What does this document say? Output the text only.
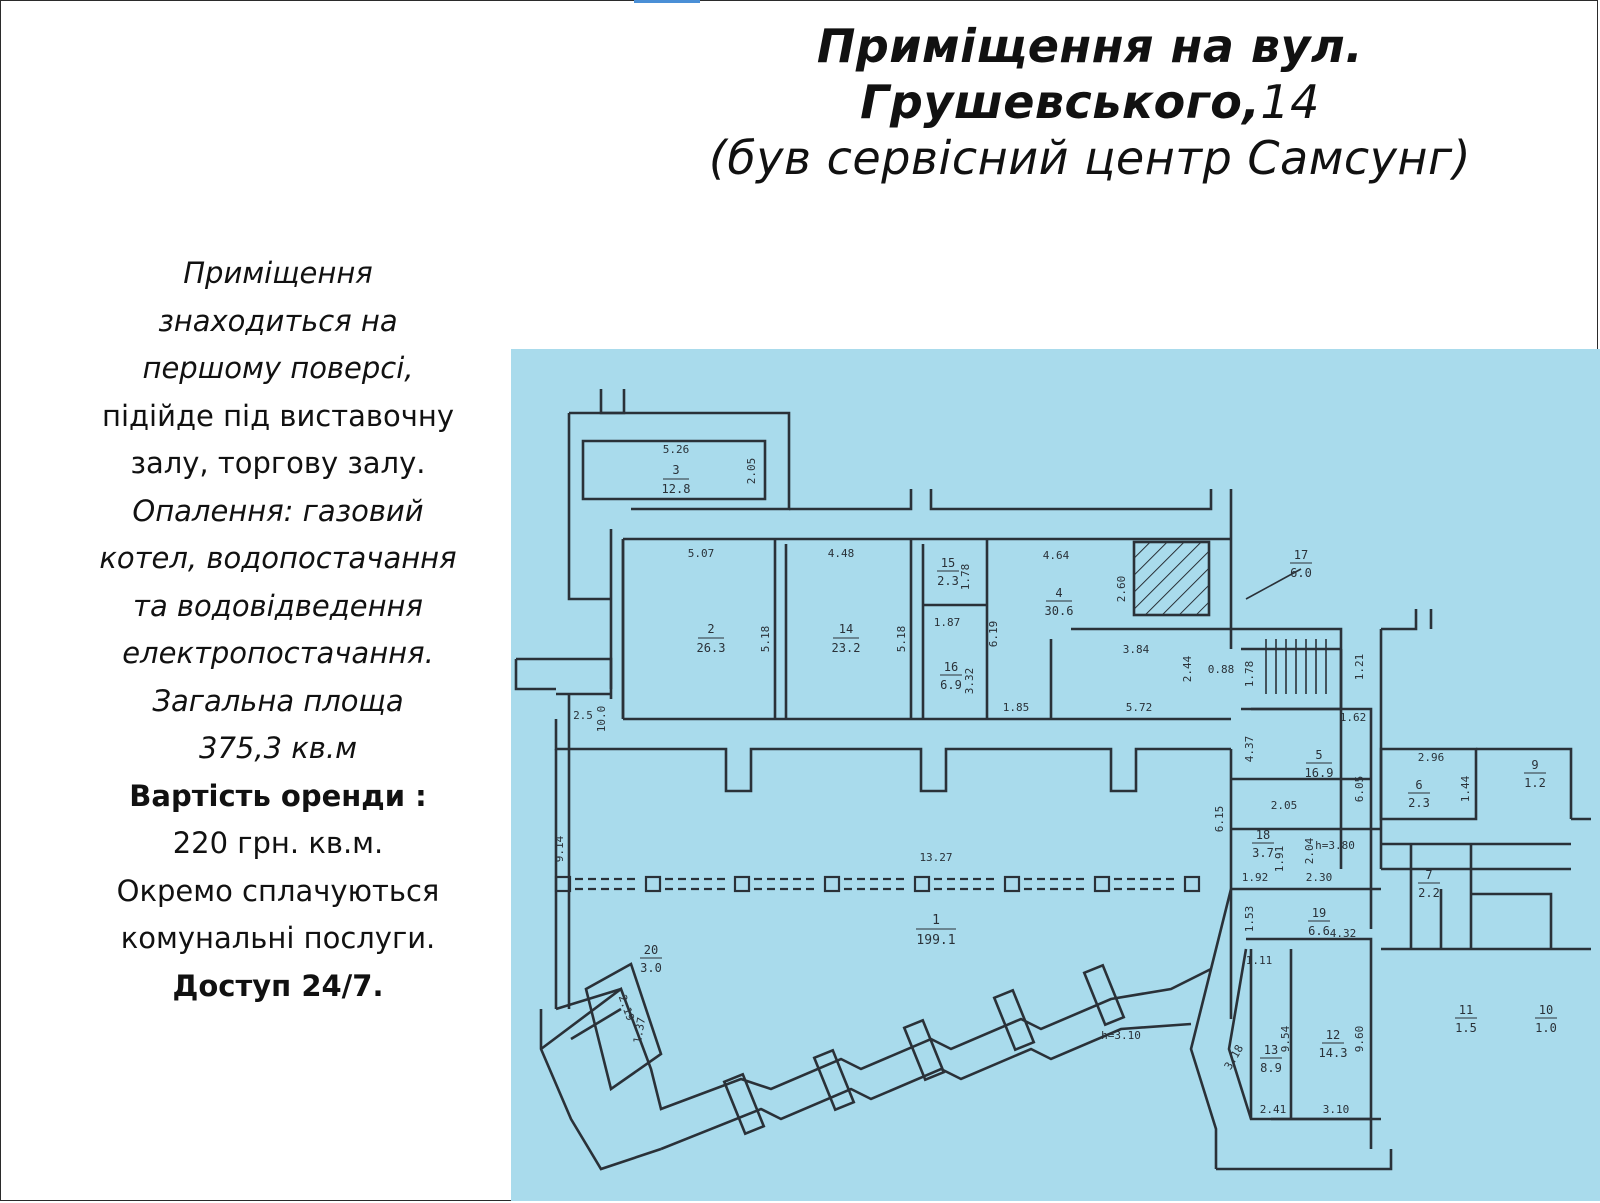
Приміщення на вул.
Грушевського,14
(був сервісний центр Самсунг)
Приміщення
знаходиться на
першому поверсі,
підійде під виставочну
залу, торгову залу.
Опалення: газовий
котел, водопостачання
та водовідведення
електропостачання.
Загальна площа
375,3 кв.м
Вартість оренди :
220 грн. кв.м.
Окремо сплачуються
комунальні послуги.
Доступ 24/7.
3
12.8
2
26.3
14
23.2
15
2.3
16
6.9
4
30.6
17
6.0
5
16.9
6
2.3
9
1.2
18
3.7
19
6.6
7
2.2
1
199.1
20
3.0
12
14.3
13
8.9
11
1.5
10
1.0
5.26
2.05
5.07	4.48
5.18	5.18
1.78
1.87
3.32
4.64
2.60
6.19
3.84
2.44 0.88
1.85	5.72
1.78	1.21
1.62
4.37
6.05
2.96
1.44
2.05
2.04
1.91
1.92	2.30
1.53
4.32
1.11
9.54	9.60
3.18
2.41	3.10
2.19
1.37
13.27
6.15
9.14
2.5 10.0
h=3.10
h=3.80
